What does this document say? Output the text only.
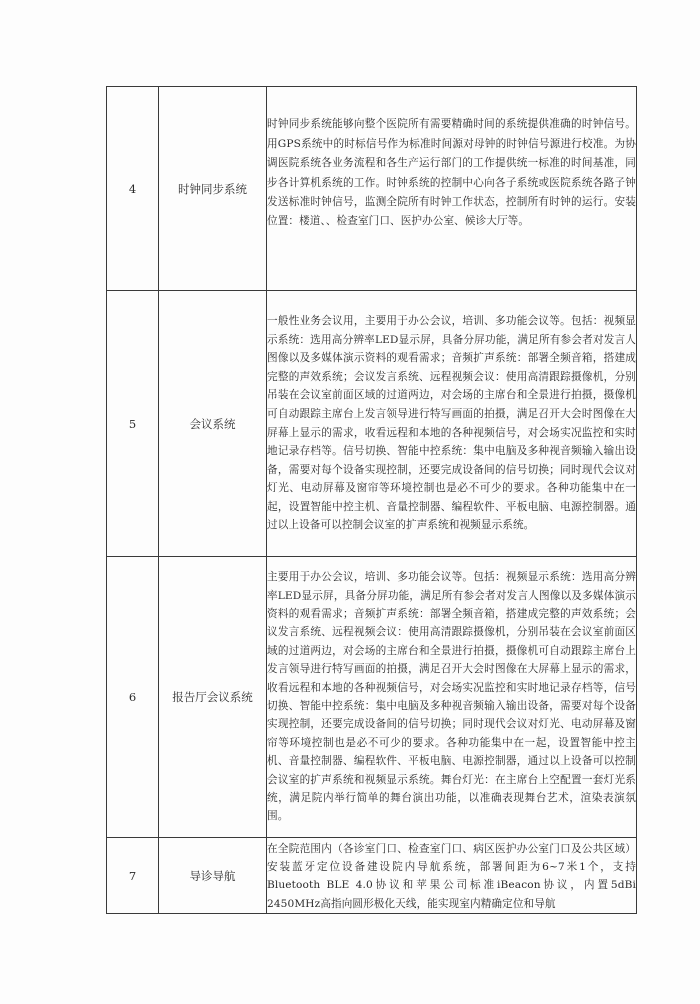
4	时钟同步系统	时钟同步系统能够向整个医院所有需要精确时间的系统提供准确的时钟信号。用GPS系统中的时标信号作为标准时间源对母钟的时钟信号源进行校准。为协调医院系统各业务流程和各生产运行部门的工作提供统一标准的时间基准，同步各计算机系统的工作。时钟系统的控制中心向各子系统或医院系统各路子钟发送标准时钟信号，监测全院所有时钟工作状态，控制所有时钟的运行。安装位置：楼道、、检查室门口、医护办公室、候诊大厅等。
5	会议系统	一般性业务会议用，主要用于办公会议，培训、多功能会议等。包括：视频显示系统：选用高分辨率LED显示屏，具备分屏功能，满足所有参会者对发言人图像以及多媒体演示资料的观看需求；音频扩声系统：部署全频音箱，搭建成完整的声效系统；会议发言系统、远程视频会议：使用高清跟踪摄像机，分别吊装在会议室前面区域的过道两边，对会场的主席台和全景进行拍摄，摄像机可自动跟踪主席台上发言领导进行特写画面的拍摄，满足召开大会时图像在大屏幕上显示的需求，收看远程和本地的各种视频信号，对会场实况监控和实时地记录存档等。信号切换、智能中控系统：集中电脑及多种视音频输入输出设备，需要对每个设备实现控制，还要完成设备间的信号切换；同时现代会议对灯光、电动屏幕及窗帘等环境控制也是必不可少的要求。各种功能集中在一起，设置智能中控主机、音量控制器、编程软件、平板电脑、电源控制器。通过以上设备可以控制会议室的扩声系统和视频显示系统。
6	报告厅会议系统	主要用于办公会议，培训、多功能会议等。包括：视频显示系统：选用高分辨率LED显示屏，具备分屏功能，满足所有参会者对发言人图像以及多媒体演示资料的观看需求；音频扩声系统：部署全频音箱，搭建成完整的声效系统；会议发言系统、远程视频会议：使用高清跟踪摄像机，分别吊装在会议室前面区域的过道两边，对会场的主席台和全景进行拍摄，摄像机可自动跟踪主席台上发言领导进行特写画面的拍摄，满足召开大会时图像在大屏幕上显示的需求，收看远程和本地的各种视频信号，对会场实况监控和实时地记录存档等，信号切换、智能中控系统：集中电脑及多种视音频输入输出设备，需要对每个设备实现控制，还要完成设备间的信号切换；同时现代会议对灯光、电动屏幕及窗帘等环境控制也是必不可少的要求。各种功能集中在一起，设置智能中控主机、音量控制器、编程软件、平板电脑、电源控制器，通过以上设备可以控制会议室的扩声系统和视频显示系统。舞台灯光：在主席台上空配置一套灯光系统，满足院内举行简单的舞台演出功能，以准确表现舞台艺术，渲染表演氛围。
7	导诊导航	在全院范围内（各诊室门口、检查室门口、病区医护办公室门口及公共区域）安装蓝牙定位设备建设院内导航系统，部署间距为6~7米1个，支持Bluetooth BLE 4.0协议和苹果公司标准iBeacon协议，内置5dBi 2450MHz高指向圆形极化天线，能实现室内精确定位和导航
